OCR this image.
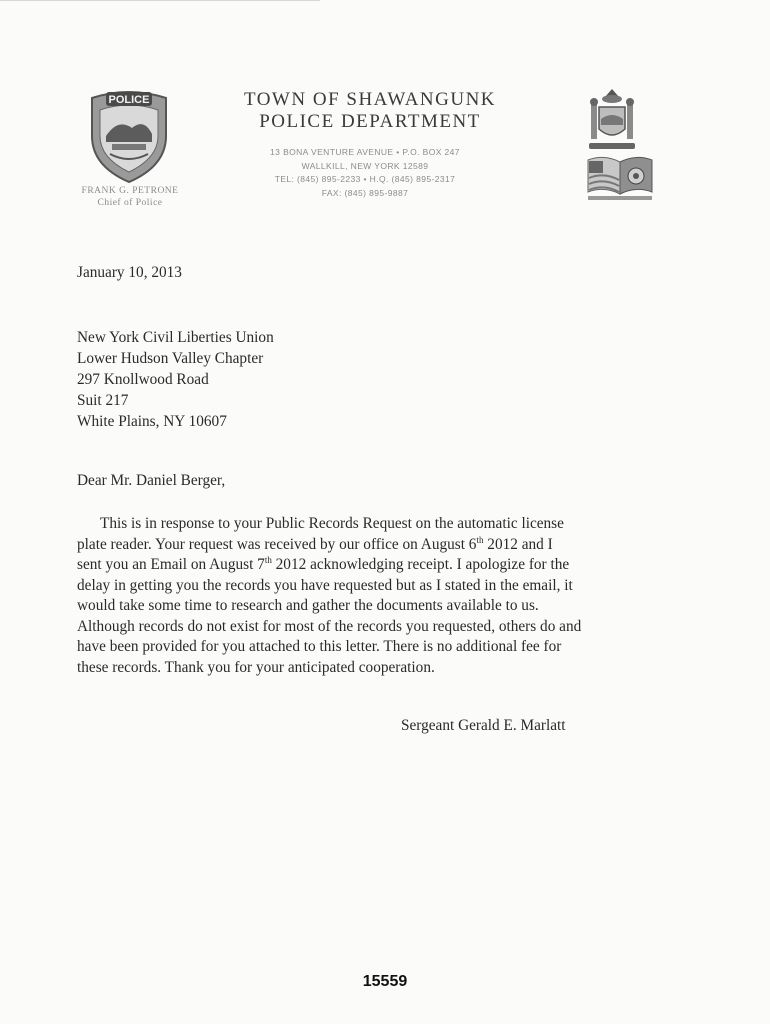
POLICE
FRANK G. PETRONE
Chief of Police
TOWN OF SHAWANGUNK
POLICE DEPARTMENT
13 BONA VENTURE AVENUE • P.O. BOX 247
WALLKILL, NEW YORK 12589
TEL: (845) 895-2233 • H.Q. (845) 895-2317
FAX: (845) 895-9887
January 10, 2013
New York Civil Liberties Union
Lower Hudson Valley Chapter
297 Knollwood Road
Suit 217
White Plains, NY 10607
Dear Mr. Daniel Berger,
This is in response to your Public Records Request on the automatic license
plate reader. Your request was received by our office on August 6th 2012 and I
sent you an Email on August 7th 2012 acknowledging receipt. I apologize for the
delay in getting you the records you have requested but as I stated in the email, it
would take some time to research and gather the documents available to us.
Although records do not exist for most of the records you requested, others do and
have been provided for you attached to this letter. There is no additional fee for
these records. Thank you for your anticipated cooperation.
Sergeant Gerald E. Marlatt
15559
